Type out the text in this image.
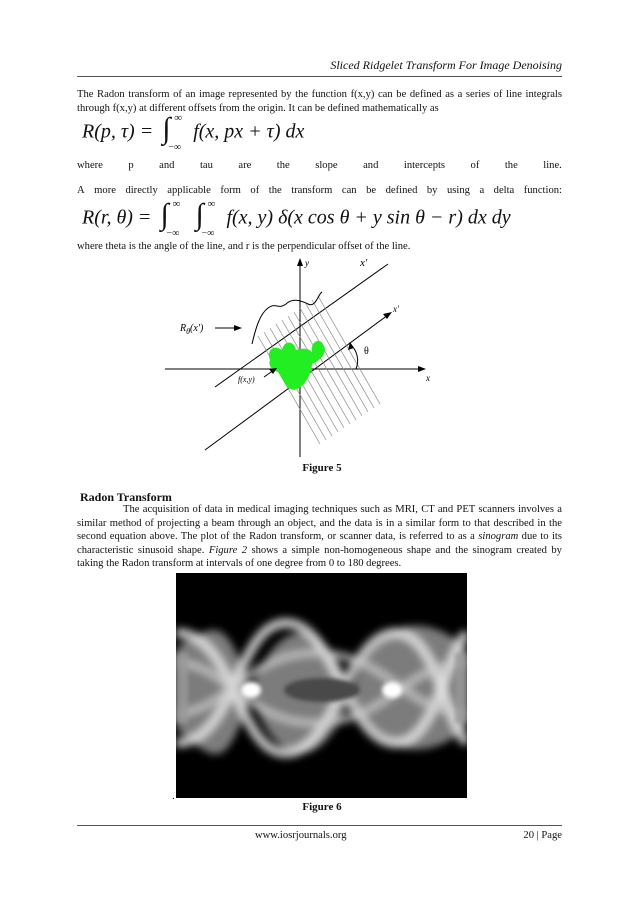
Sliced Ridgelet Transform For Image Denoising
The Radon transform of an image represented by the function f(x,y) can be defined as a series of line integrals through f(x,y) at different offsets from the origin. It can be defined mathematically as
R(p, τ) = ∫ ∞
−∞
f(x, px + τ) dx
where p and tau are the slope and intercepts of the line.
A more directly applicable form of the transform can be defined by using a delta function:
R(r, θ) = ∫ ∞
−∞

∫ ∞
−∞
f(x, y) δ(x cos θ + y sin θ − r) dx dy
where theta is the angle of the line, and r is the perpendicular offset of the line.
y	x′
x′
x
θ
$R_\theta(x')$
f(x,y)
Figure 5
Radon Transform
The acquisition of data in medical imaging techniques such as MRI, CT and PET scanners involves a similar method of projecting a beam through an object, and the data is in a similar form to that described in the second equation above. The plot of the Radon transform, or scanner data, is referred to as a sinogram due to its characteristic sinusoid shape. Figure 2 shows a simple non-homogeneous shape and the sinogram created by taking the Radon transform at intervals of one degree from 0 to 180 degrees.
.
Figure 6
www.iosrjournals.org	20 | Page
